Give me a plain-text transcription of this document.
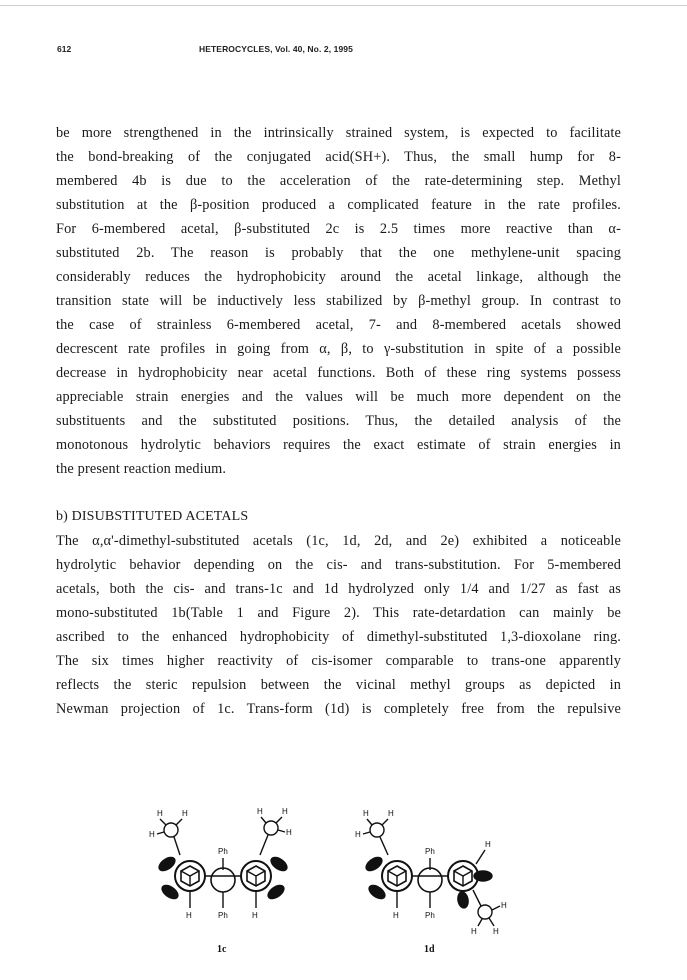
612	HETEROCYCLES, Vol. 40, No. 2, 1995
be more strengthened in the intrinsically strained system, is expected to facilitate
the bond-breaking of the conjugated acid(SH+). Thus, the small hump for 8-
membered 4b is due to the acceleration of the rate-determining step. Methyl
substitution at the β-position produced a complicated feature in the rate profiles.
For 6-membered acetal, β-substituted 2c is 2.5 times more reactive than α-
substituted 2b. The reason is probably that the one methylene-unit spacing
considerably reduces the hydrophobicity around the acetal linkage, although the
transition state will be inductively less stabilized by β-methyl group. In contrast to
the case of strainless 6-membered acetal, 7- and 8-membered acetals showed
decrescent rate profiles in going from α, β, to γ-substitution in spite of a possible
decrease in hydrophobicity near acetal functions. Both of these ring systems possess
appreciable strain energies and the values will be much more dependent on the
substituents and the substituted positions. Thus, the detailed analysis of the
monotonous hydrolytic behaviors requires the exact estimate of strain energies in
the present reaction medium.
b) DISUBSTITUTED ACETALS
The α,α'-dimethyl-substituted acetals (1c, 1d, 2d, and 2e) exhibited a noticeable
hydrolytic behavior depending on the cis- and trans-substitution. For 5-membered
acetals, both the cis- and trans-1c and 1d hydrolyzed only 1/4 and 1/27 as fast as
mono-substituted 1b(Table 1 and Figure 2). This rate-detardation can mainly be
ascribed to the enhanced hydrophobicity of dimethyl-substituted 1,3-dioxolane ring.
The six times higher reactivity of cis-isomer comparable to trans-one apparently
reflects the steric repulsion between the vicinal methyl groups as depicted in
Newman projection of 1c. Trans-form (1d) is completely free from the repulsive
H H
H
H H
H
Ph
H	H
Ph
1c
H H
H
H
Ph
H	Ph
H
H H
1d
